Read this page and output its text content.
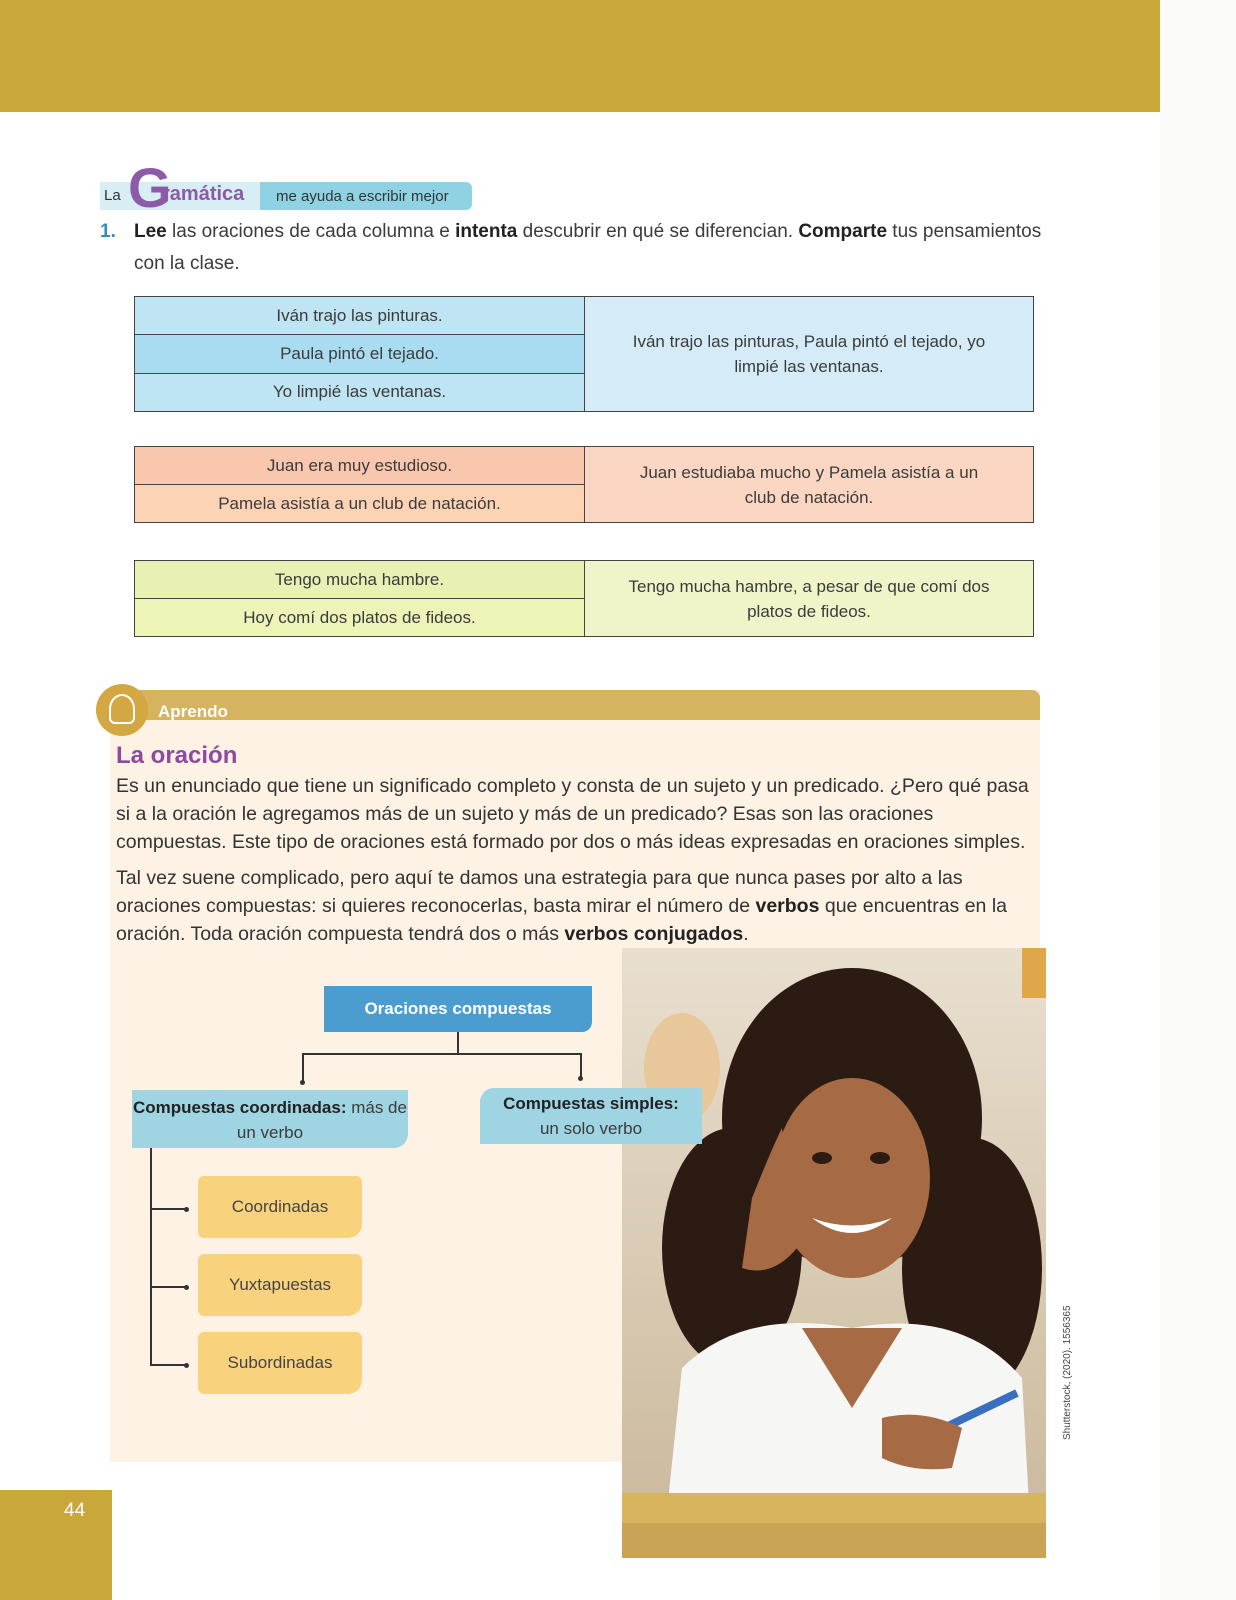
La G
ramática me ayuda a escribir mejor
1. Lee las oraciones de cada columna e intenta descubrir en qué se diferencian. Comparte tus pensamientos con la clase.
Iván trajo las pinturas.
Paula pintó el tejado.
Yo limpié las ventanas.
Iván trajo las pinturas, Paula pintó el tejado, yo limpié las ventanas.
Juan era muy estudioso.
Pamela asistía a un club de natación.
Juan estudiaba mucho y Pamela asistía a un club de natación.
Tengo mucha hambre.
Hoy comí dos platos de fideos.
Tengo mucha hambre, a pesar de que comí dos platos de fideos.
Aprendo
La oración
Es un enunciado que tiene un significado completo y consta de un sujeto y un predicado. ¿Pero qué pasa si a la oración le agregamos más de un sujeto y más de un predicado? Esas son las oraciones compuestas. Este tipo de oraciones está formado por dos o más ideas expresadas en oraciones simples.
Tal vez suene complicado, pero aquí te damos una estrategia para que nunca pases por alto a las oraciones compuestas: si quieres reconocerlas, basta mirar el número de verbos que encuentras en la oración. Toda oración compuesta tendrá dos o más verbos conjugados.
Shutterstock, (2020). 1556365
Oraciones compuestas
Compuestas coordinadas: más de un verbo
Compuestas simples:
un solo verbo
Coordinadas
Yuxtapuestas
Subordinadas
44
